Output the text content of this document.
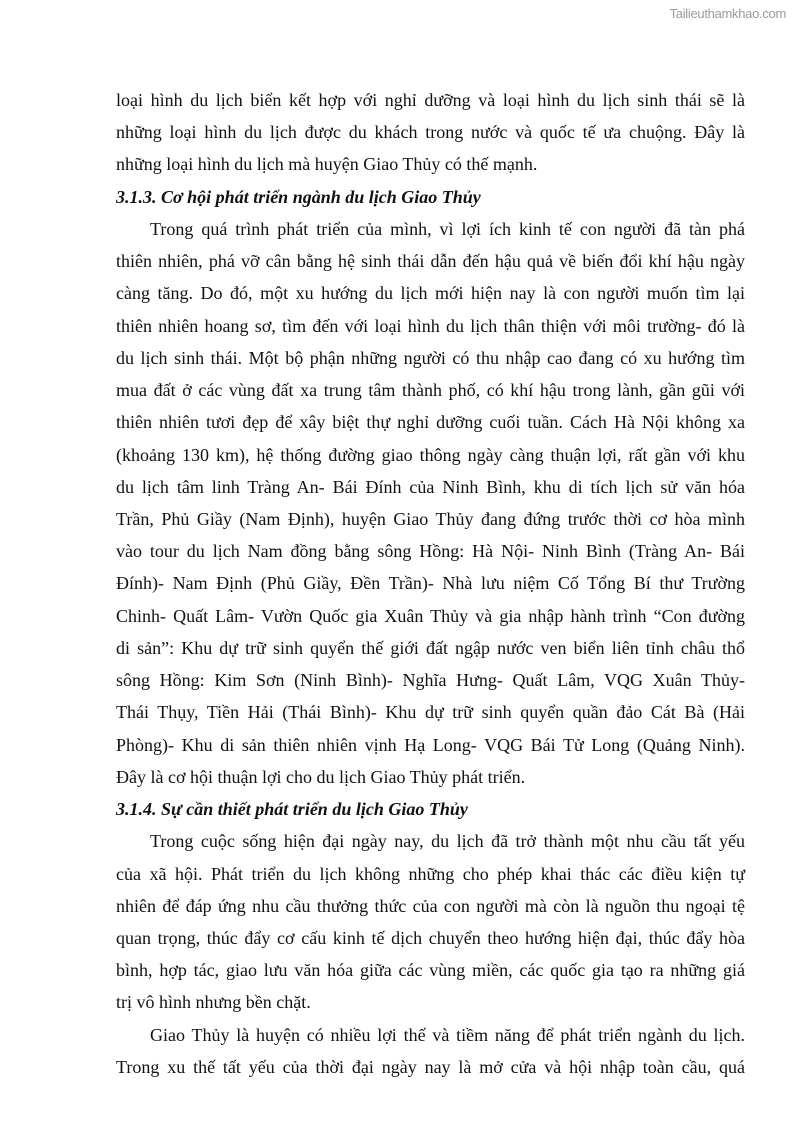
Tailieuthamkhao.com
loại hình du lịch biển kết hợp với nghỉ dưỡng và loại hình du lịch sinh thái sẽ là
những loại hình du lịch được du khách trong nước và quốc tế ưa chuộng. Đây là
những loại hình du lịch mà huyện Giao Thủy có thế mạnh.
3.1.3. Cơ hội phát triển ngành du lịch Giao Thủy
Trong quá trình phát triển của mình, vì lợi ích kinh tế con người đã tàn phá
thiên nhiên, phá vỡ cân bằng hệ sinh thái dẫn đến hậu quả về biến đổi khí hậu ngày
càng tăng. Do đó, một xu hướng du lịch mới hiện nay là con người muốn tìm lại
thiên nhiên hoang sơ, tìm đến với loại hình du lịch thân thiện với môi trường- đó là
du lịch sinh thái. Một bộ phận những người có thu nhập cao đang có xu hướng tìm
mua đất ở các vùng đất xa trung tâm thành phố, có khí hậu trong lành, gần gũi với
thiên nhiên tươi đẹp để xây biệt thự nghỉ dưỡng cuối tuần. Cách Hà Nội không xa
(khoảng 130 km), hệ thống đường giao thông ngày càng thuận lợi, rất gần với khu
du lịch tâm linh Tràng An- Bái Đính của Ninh Bình, khu di tích lịch sử văn hóa
Trần, Phủ Giầy (Nam Định), huyện Giao Thủy đang đứng trước thời cơ hòa mình
vào tour du lịch Nam đồng bằng sông Hồng: Hà Nội- Ninh Bình (Tràng An- Bái
Đính)- Nam Định (Phủ Giầy, Đền Trần)- Nhà lưu niệm Cố Tổng Bí thư Trường
Chinh- Quất Lâm- Vườn Quốc gia Xuân Thủy và gia nhập hành trình “Con đường
di sản”: Khu dự trữ sinh quyển thế giới đất ngập nước ven biển liên tỉnh châu thổ
sông Hồng: Kim Sơn (Ninh Bình)- Nghĩa Hưng- Quất Lâm, VQG Xuân Thủy-
Thái Thụy, Tiền Hải (Thái Bình)- Khu dự trữ sinh quyển quần đảo Cát Bà (Hải
Phòng)- Khu di sản thiên nhiên vịnh Hạ Long- VQG Bái Tử Long (Quảng Ninh).
Đây là cơ hội thuận lợi cho du lịch Giao Thủy phát triển.
3.1.4. Sự cần thiết phát triển du lịch Giao Thủy
Trong cuộc sống hiện đại ngày nay, du lịch đã trở thành một nhu cầu tất yếu
của xã hội. Phát triển du lịch không những cho phép khai thác các điều kiện tự
nhiên để đáp ứng nhu cầu thưởng thức của con người mà còn là nguồn thu ngoại tệ
quan trọng, thúc đẩy cơ cấu kinh tế dịch chuyển theo hướng hiện đại, thúc đẩy hòa
bình, hợp tác, giao lưu văn hóa giữa các vùng miền, các quốc gia tạo ra những giá
trị vô hình nhưng bền chặt.
Giao Thủy là huyện có nhiều lợi thế và tiềm năng để phát triển ngành du lịch.
Trong xu thế tất yếu của thời đại ngày nay là mở cửa và hội nhập toàn cầu, quá
